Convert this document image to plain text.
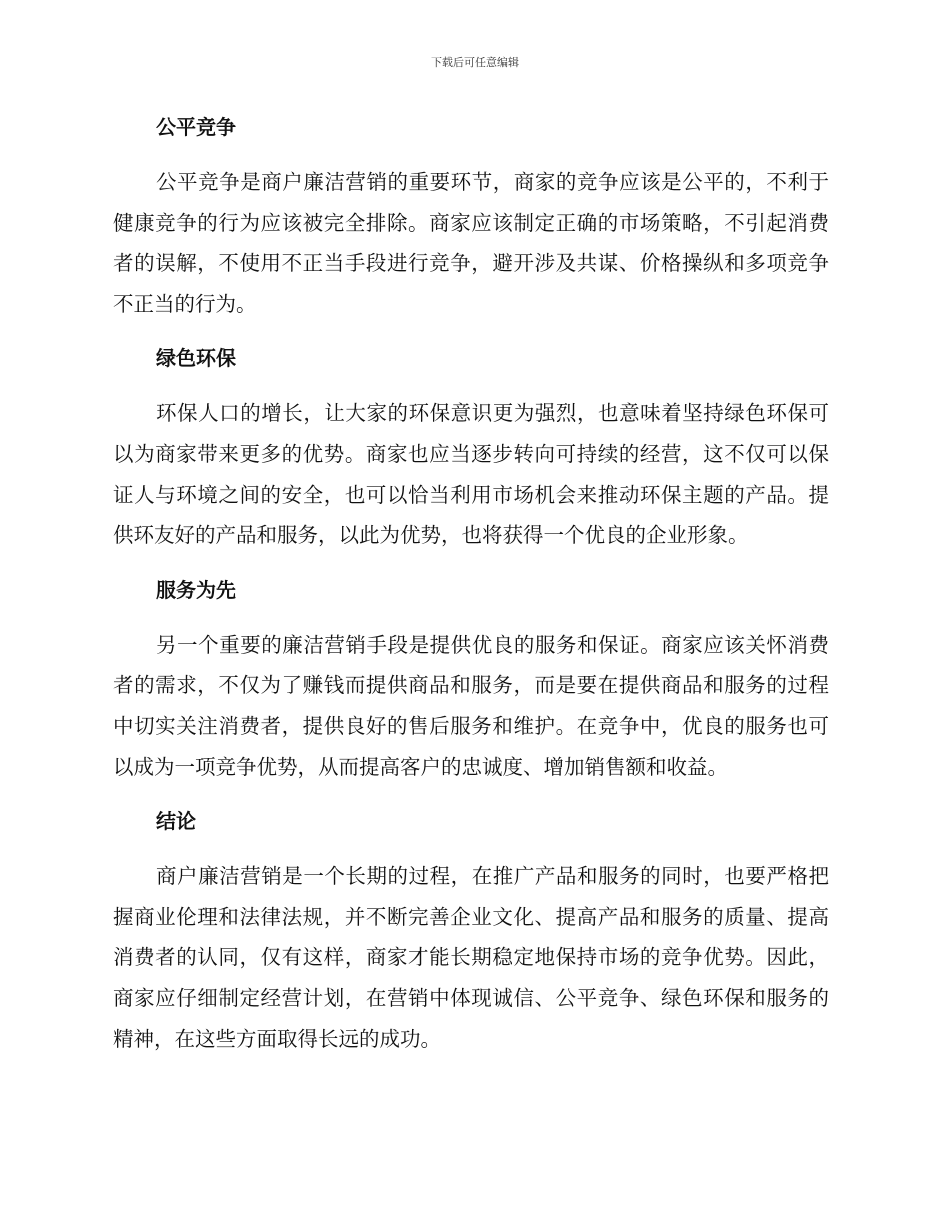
下载后可任意编辑
公平竞争

公平竞争是商户廉洁营销的重要环节，商家的竞争应该是公平的，不利于健康竞争的行为应该被完全排除。商家应该制定正确的市场策略，不引起消费者的误解，不使用不正当手段进行竞争，避开涉及共谋、价格操纵和多项竞争不正当的行为。

绿色环保

环保人口的增长，让大家的环保意识更为强烈，也意味着坚持绿色环保可以为商家带来更多的优势。商家也应当逐步转向可持续的经营，这不仅可以保证人与环境之间的安全，也可以恰当利用市场机会来推动环保主题的产品。提供环友好的产品和服务，以此为优势，也将获得一个优良的企业形象。

服务为先

另一个重要的廉洁营销手段是提供优良的服务和保证。商家应该关怀消费者的需求，不仅为了赚钱而提供商品和服务，而是要在提供商品和服务的过程中切实关注消费者，提供良好的售后服务和维护。在竞争中，优良的服务也可以成为一项竞争优势，从而提高客户的忠诚度、增加销售额和收益。

结论

商户廉洁营销是一个长期的过程，在推广产品和服务的同时，也要严格把握商业伦理和法律法规，并不断完善企业文化、提高产品和服务的质量、提高消费者的认同，仅有这样，商家才能长期稳定地保持市场的竞争优势。因此，商家应仔细制定经营计划，在营销中体现诚信、公平竞争、绿色环保和服务的精神，在这些方面取得长远的成功。
